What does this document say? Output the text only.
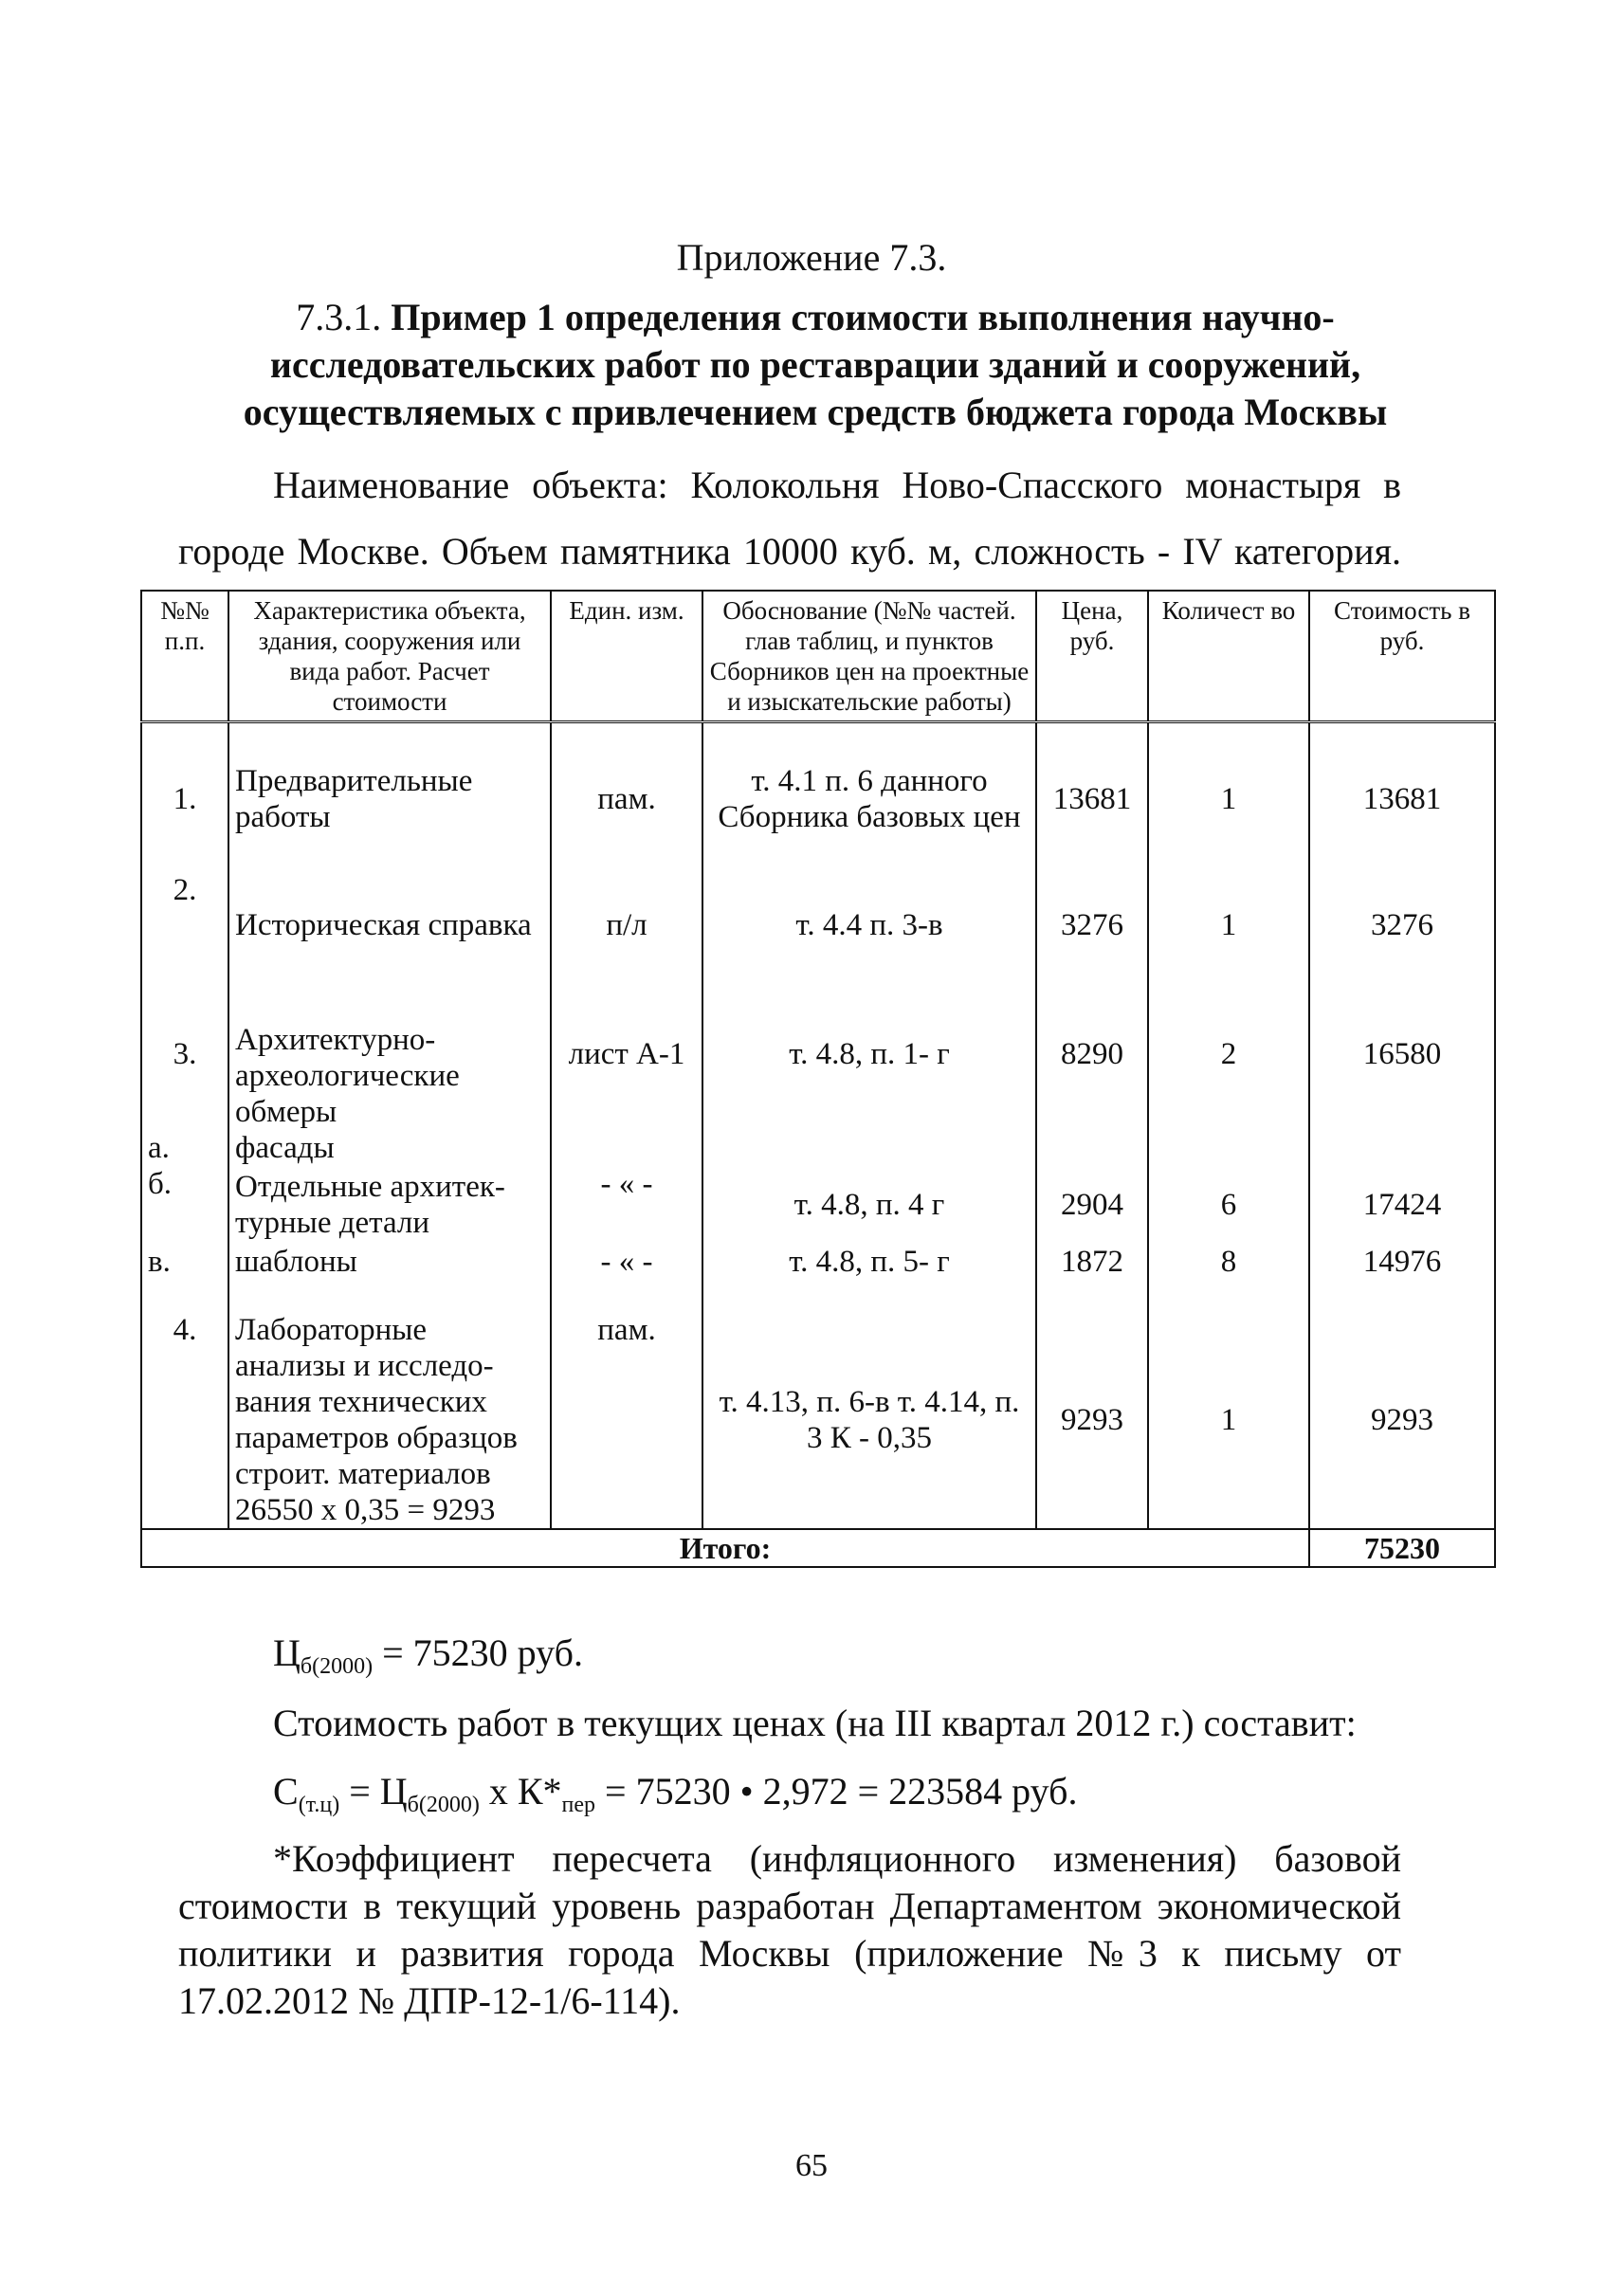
Приложение 7.3.
7.3.1. Пример 1 определения стоимости выполнения научно-исследовательских работ по реставрации зданий и сооружений, осуществляемых с привлечением средств бюджета города Москвы
Наименование объекта: Колокольня Ново-Спасского монастыря в
городе Москве. Объем памятника 10000 куб. м, сложность - IV категория.
№№ п.п.	Характеристика объекта, здания, сооружения или вида работ. Расчет стоимости	Един. изм.	Обоснование (№№ частей. глав таблиц, и пунктов Сборников цен на проектные и изыскательские работы)	Цена, руб.	Количест во	Стоимость в руб.
1.	Предварительные работы	пам.	т. 4.1 п. 6 данного Сборника базовых цен	13681	1	13681
2.	Историческая справка	п/л	т. 4.4 п. 3-в	3276	1	3276
3.	Архитектурно-археологические обмеры	лист А-1	т. 4.8, п. 1- г	8290	2	16580
а.	фасады					
б.	Отдельные архитек-турные детали	- « -	т. 4.8, п. 4 г	2904	6	17424
в.	шаблоны	- « -	т. 4.8, п. 5- г	1872	8	14976
4.	Лабораторные анализы и исследо-вания технических параметров образцов строит. материалов 26550 х 0,35 = 9293	пам.	т. 4.13, п. 6-в т. 4.14, п. 3 К - 0,35	9293	1	9293
Итого:						75230
$Ц_{б(2000)} = 75230$ руб.
Стоимость работ в текущих ценах (на III квартал 2012 г.) составит:
$С_{(т.ц)} = Ц_{б(2000)}$ х $К*_{пер} = 75230$ • 2,972 = 223584 руб.
*Коэффициент пересчета (инфляционного изменения) базовой стоимости в текущий уровень разработан Департаментом экономической политики и развития города Москвы (приложение №3 к письму от 17.02.2012 № ДПР-12-1/6-114).
65
